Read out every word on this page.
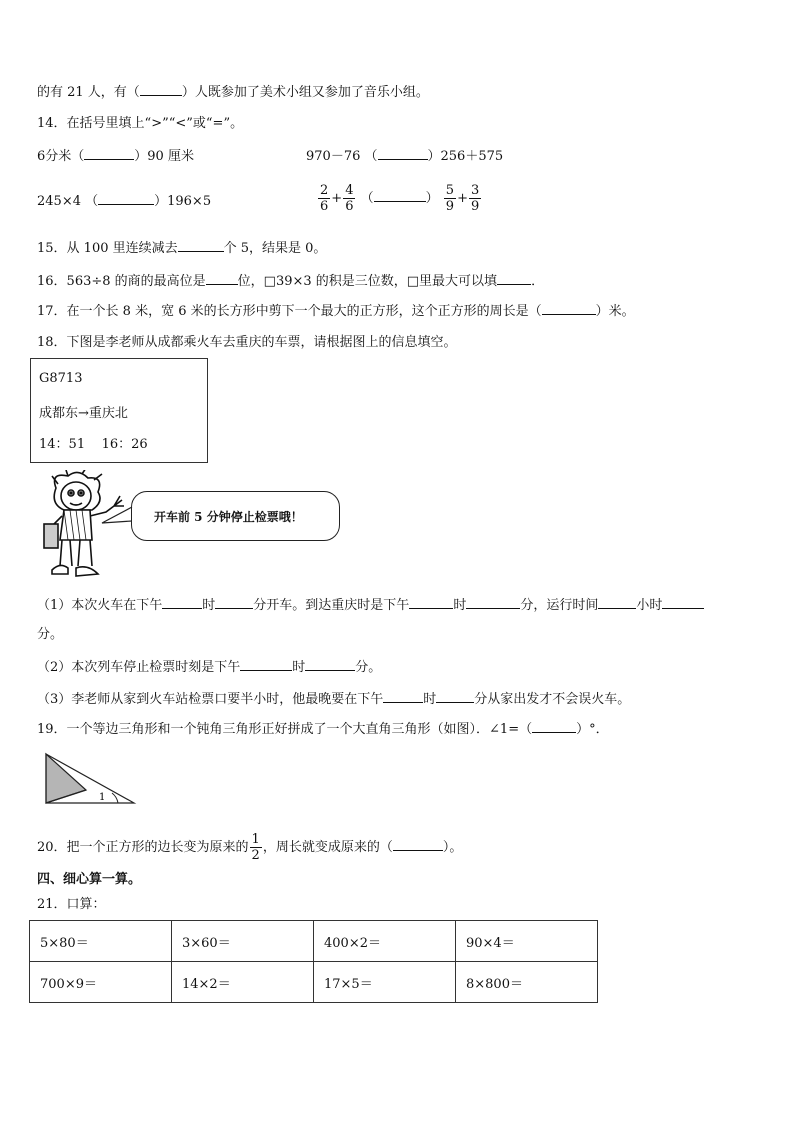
的有 21 人，有（	）人既参加了美术小组又参加了音乐小组。
14．在括号里填上“>”“<”或“=”。
6分米（	）90 厘米	970－76 （	）256＋575
245×4 （	）196×5	$\frac{2}{6} + \frac{4}{6}$ （	） $\frac{5}{9} + \frac{3}{9}$
15．从 100 里连续减去	个 5，结果是 0。
16．563÷8 的商的最高位是 位，□39×3 的积是三位数，□里最大可以填	．
17．在一个长 8 米，宽 6 米的长方形中剪下一个最大的正方形，这个正方形的周长是（	）米。
18．下图是李老师从成都乘火车去重庆的车票，请根据图上的信息填空。
G8713
成都东→重庆北
14：51    16：26
开车前 5 分钟停止检票哦！
（1）本次火车在下午	时	分开车。到达重庆时是下午	时	分，运行时间	小时
分。
（2）本次列车停止检票时刻是下午	时	分。
（3）李老师从家到火车站检票口要半小时，他最晚要在下午	时	分从家出发才不会误火车。
19．一个等边三角形和一个钝角三角形正好拼成了一个大直角三角形（如图）．∠1=（	）°．
1
20．把一个正方形的边长变为原来的 $\frac{1}{2}$ ，周长就变成原来的（	）。
四、细心算一算。
21．口算：
5×80＝	3×60＝	400×2＝	90×4＝
700×9＝	14×2＝	17×5＝	8×800＝
